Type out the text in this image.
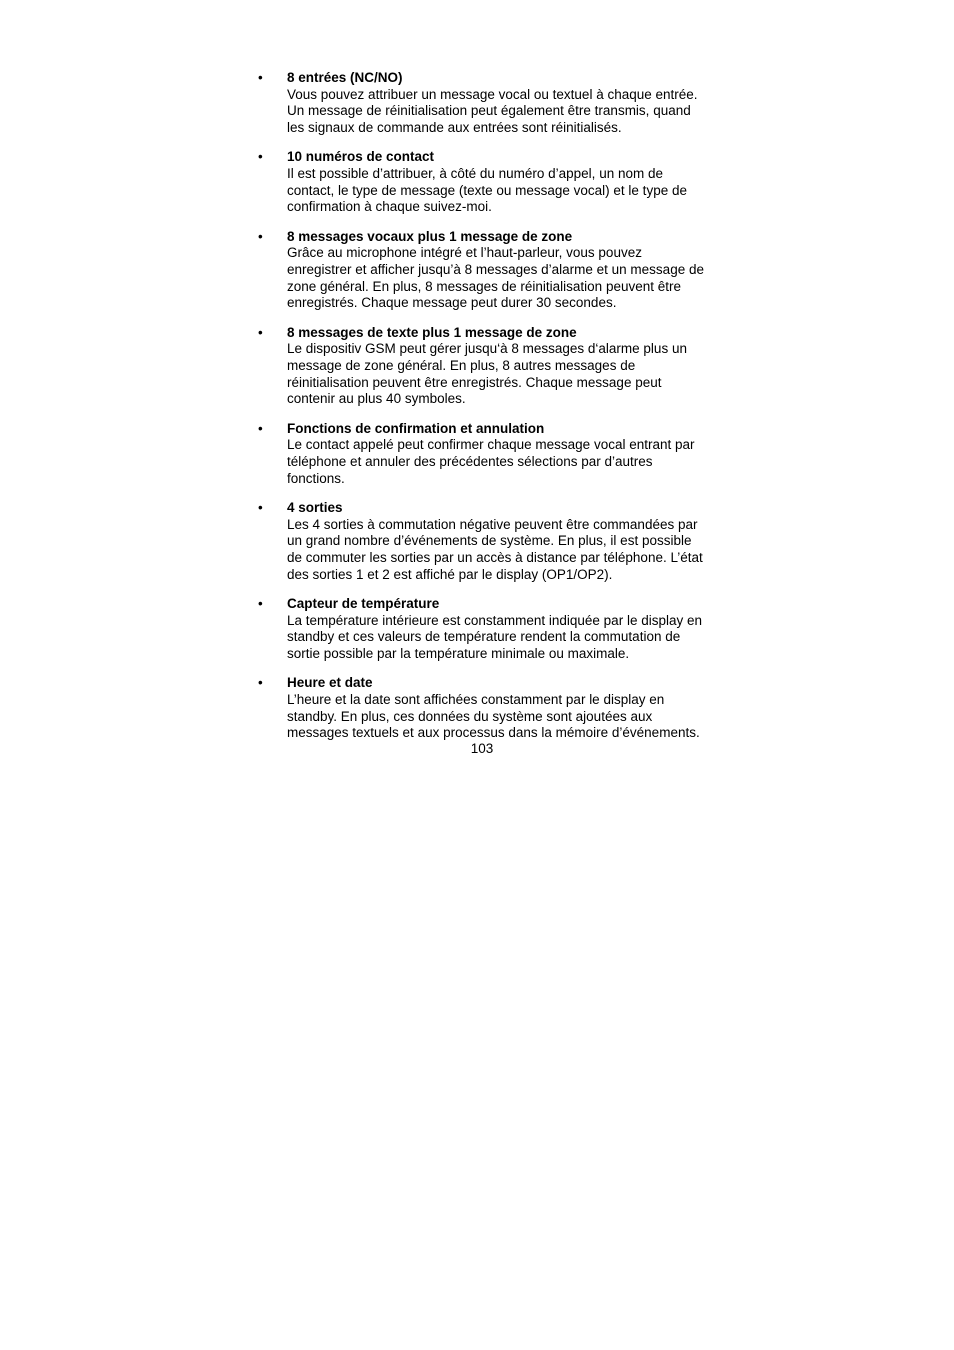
• 8 entrées (NC/NO)

Vous pouvez attribuer un message vocal ou textuel à chaque entrée.
Un message de réinitialisation peut également être transmis, quand
les signaux de commande aux entrées sont réinitialisés.

• 10 numéros de contact

Il est possible d’attribuer, à côté du numéro d’appel, un nom de
contact, le type de message (texte ou message vocal) et le type de
confirmation à chaque suivez-moi.

• 8 messages vocaux plus 1 message de zone

Grâce au microphone intégré et l’haut-parleur, vous pouvez
enregistrer et afficher jusqu’à 8 messages d’alarme et un message de
zone général. En plus, 8 messages de réinitialisation peuvent être
enregistrés. Chaque message peut durer 30 secondes.

• 8 messages de texte plus 1 message de zone

Le dispositiv GSM peut gérer jusqu‘à 8 messages d‘alarme plus un
message de zone général. En plus, 8 autres messages de
réinitialisation peuvent être enregistrés. Chaque message peut
contenir au plus 40 symboles.

• Fonctions de confirmation et annulation

Le contact appelé peut confirmer chaque message vocal entrant par
téléphone et annuler des précédentes sélections par d’autres
fonctions.

• 4 sorties

Les 4 sorties à commutation négative peuvent être commandées par
un grand nombre d’événements de système. En plus, il est possible
de commuter les sorties par un accès à distance par téléphone. L’état
des sorties 1 et 2 est affiché par le display (OP1/OP2).

• Capteur de température

La température intérieure est constamment indiquée par le display en
standby et ces valeurs de température rendent la commutation de
sortie possible par la température minimale ou maximale.

• Heure et date

L’heure et la date sont affichées constamment par le display en
standby. En plus, ces données du système sont ajoutées aux
messages textuels et aux processus dans la mémoire d’événements.

103
